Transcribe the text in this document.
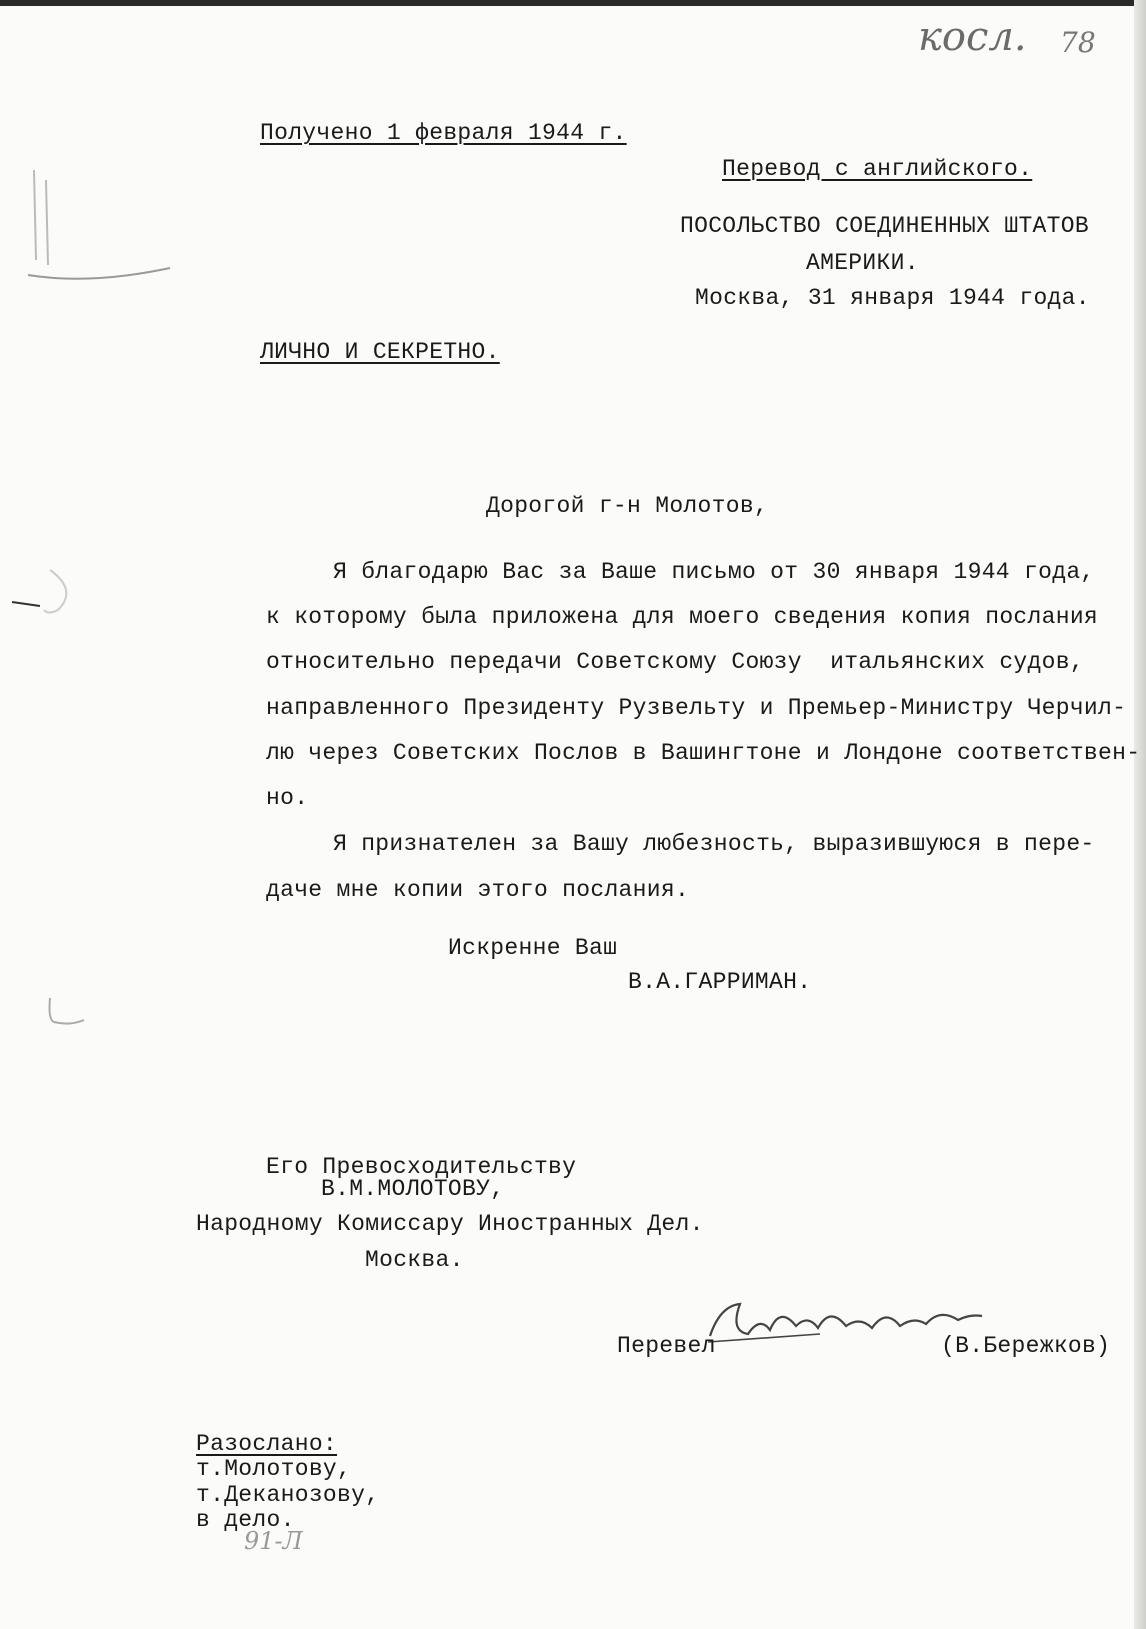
косл. 78
Получено 1 февраля 1944 г.
Перевод с английского.
ПОСОЛЬСТВО СОЕДИНЕННЫХ ШТАТОВ
АМЕРИКИ.
Москва, 31 января 1944 года.
ЛИЧНО И СЕКРЕТНО.
Дорогой г-н Молотов,
Я благодарю Вас за Ваше письмо от 30 января 1944 года,
к которому была приложена для моего сведения копия послания
относительно передачи Советскому Союзу  итальянских судов,
направленного Президенту Рузвельту и Премьер-Министру Черчил-
лю через Советских Послов в Вашингтоне и Лондоне соответствен-
но.
Я признателен за Вашу любезность, выразившуюся в пере-
даче мне копии этого послания.
Искренне Ваш
В.А.ГАРРИМАН.
Его Превосходительству
В.М.МОЛОТОВУ,
Народному Комиссару Иностранных Дел.
Москва.
Перевел	(В.Бережков)
Разослано:
т.Молотову,
т.Деканозову,
в дело.
91-Л
